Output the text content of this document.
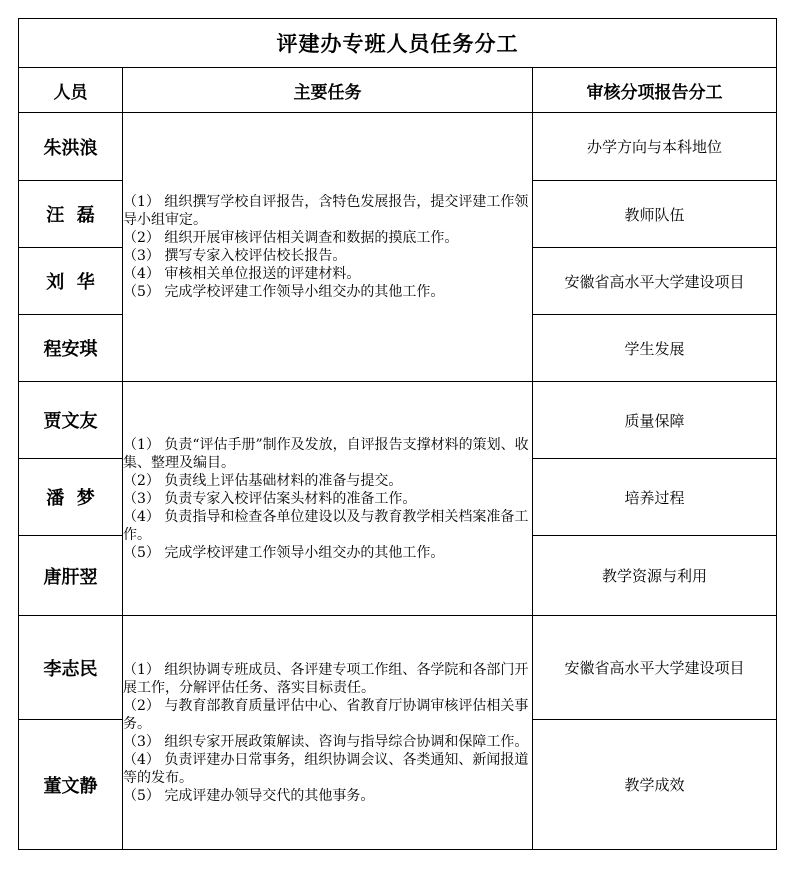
评建办专班人员任务分工		
人员	主要任务	审核分项报告分工
朱洪浪	（1） 组织撰写学校自评报告，含特色发展报告，提交评建工作领导小组审定。

（2） 组织开展审核评估相关调查和数据的摸底工作。

（3） 撰写专家入校评估校长报告。

（4） 审核相关单位报送的评建材料。

（5） 完成学校评建工作领导小组交办的其他工作。	办学方向与本科地位
汪  磊		教师队伍
刘  华		安徽省高水平大学建设项目
程安琪		学生发展
贾文友	（1） 负责“评估手册”制作及发放，自评报告支撑材料的策划、收集、整理及编目。

（2） 负责线上评估基础材料的准备与提交。

（3） 负责专家入校评估案头材料的准备工作。

（4） 负责指导和检查各单位建设以及与教育教学相关档案准备工作。

（5） 完成学校评建工作领导小组交办的其他工作。	质量保障
潘  梦		培养过程
唐肝翌		教学资源与利用
李志民	（1） 组织协调专班成员、各评建专项工作组、各学院和各部门开展工作，分解评估任务、落实目标责任。

（2） 与教育部教育质量评估中心、省教育厅协调审核评估相关事务。

（3） 组织专家开展政策解读、咨询与指导综合协调和保障工作。

（4） 负责评建办日常事务，组织协调会议、各类通知、新闻报道等的发布。

（5） 完成评建办领导交代的其他事务。	安徽省高水平大学建设项目
董文静		教学成效
